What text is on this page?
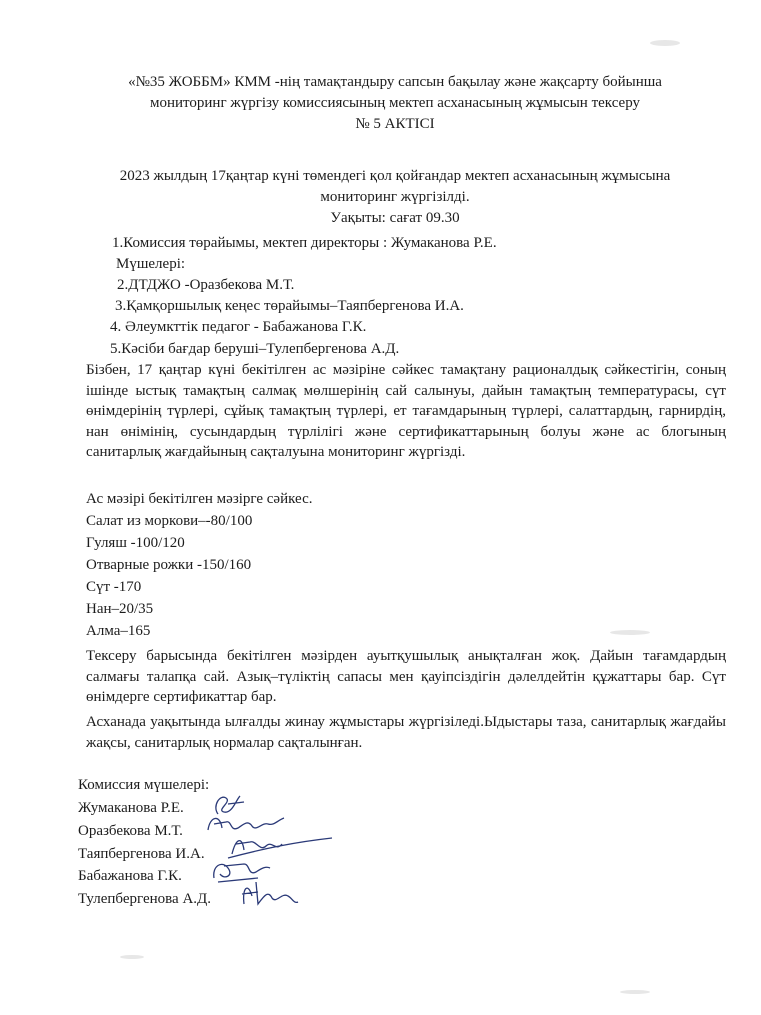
«№35 ЖОББМ» КММ -нің тамақтандыру сапсын бақылау және жақсарту бойынша
мониторинг жүргізу комиссиясының мектеп асханасының жұмысын тексеру
№ 5 АКТІСІ
2023 жылдың 17қаңтар күні төмендегі қол қойғандар мектеп асханасының жұмысына
мониторинг жүргізілді.
Уақыты: сағат 09.30
1.Комиссия төрайымы, мектеп директоры : Жумаканова Р.Е.
Мүшелері:
2.ДТДЖО -Оразбекова М.Т.
3.Қамқоршылық кеңес төрайымы–Таяпбергенова И.А.
4. Әлеумкттік педагог - Бабажанова Г.К.
5.Кәсіби бағдар беруші–Тулепбергенова А.Д.
Бізбен, 17 қаңтар күні бекітілген ас мәзіріне сәйкес тамақтану рационалдық сәйкестігін, соның ішінде ыстық тамақтың салмақ мөлшерінің сай салынуы, дайын тамақтың температурасы, сүт өнімдерінің түрлері, сұйық тамақтың түрлері, ет тағамдарының түрлері, салаттардың, гарнирдің, нан өнімінің, сусындардың түрлілігі және сертификаттарының болуы және ас блогының санитарлық жағдайының сақталуына мониторинг жүргізді.
Ас мәзірі бекітілген мәзірге сәйкес.
Салат из моркови–-80/100
Гуляш -100/120
Отварные рожки -150/160
Сүт -170
Нан–20/35
Алма–165
Тексеру барысында бекітілген мәзірден ауытқушылық анықталған жоқ. Дайын тағамдардың салмағы талапқа сай. Азық–түліктің сапасы мен қауіпсіздігін дәлелдейтін құжаттары бар. Сүт өнімдерге сертификаттар бар.
Асханада уақытында ылғалды жинау жұмыстары жүргізіледі.Ыдыстары таза, санитарлық жағдайы жақсы, санитарлық нормалар сақталынған.
Комиссия мүшелері:
Жумаканова Р.Е.
Оразбекова М.Т.
Таяпбергенова И.А.
Бабажанова Г.К.
Тулепбергенова А.Д.
